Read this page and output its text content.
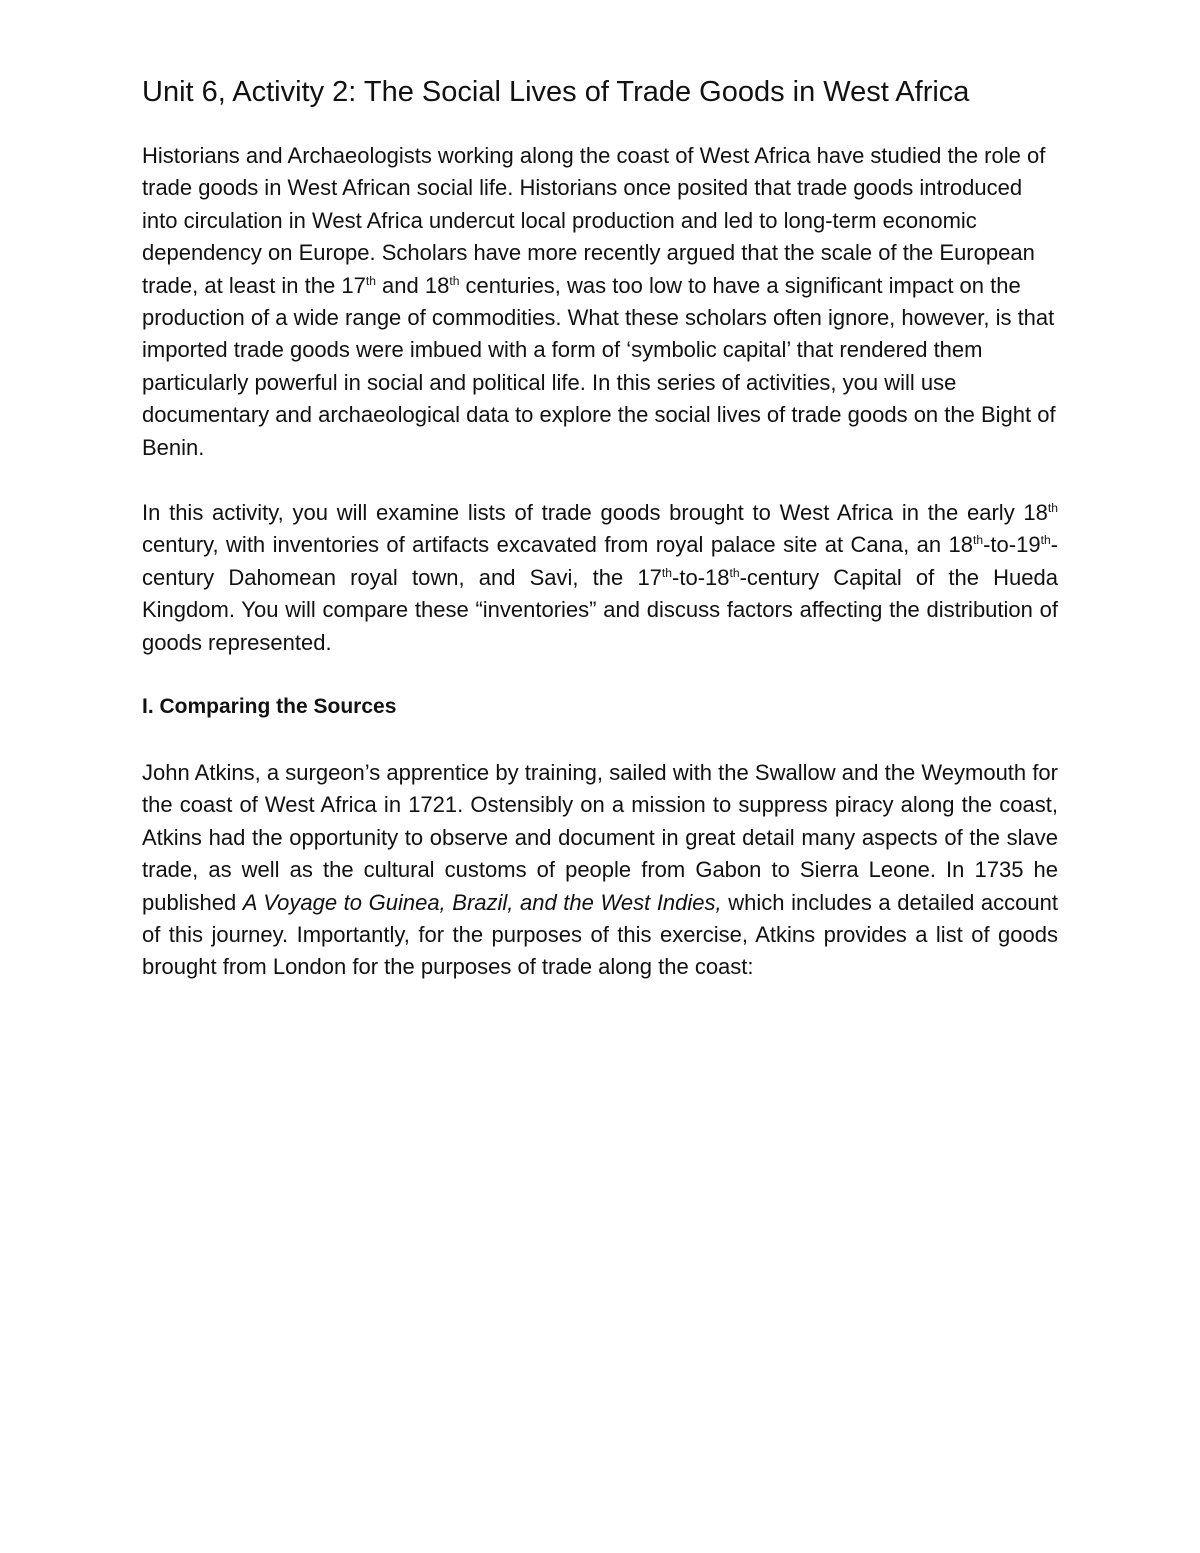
Unit 6, Activity 2: The Social Lives of Trade Goods in West Africa

Historians and Archaeologists working along the coast of West Africa have studied the role of trade goods in West African social life. Historians once posited that trade goods introduced into circulation in West Africa undercut local production and led to long-term economic dependency on Europe. Scholars have more recently argued that the scale of the European trade, at least in the 17th and 18th centuries, was too low to have a significant impact on the production of a wide range of commodities. What these scholars often ignore, however, is that imported trade goods were imbued with a form of ‘symbolic capital’ that rendered them particularly powerful in social and political life. In this series of activities, you will use documentary and archaeological data to explore the social lives of trade goods on the Bight of Benin.

In this activity, you will examine lists of trade goods brought to West Africa in the early 18th century, with inventories of artifacts excavated from royal palace site at Cana, an 18th-to-19th-century Dahomean royal town, and Savi, the 17th-to-18th-century Capital of the Hueda Kingdom. You will compare these “inventories” and discuss factors affecting the distribution of goods represented.

I. Comparing the Sources

John Atkins, a surgeon’s apprentice by training, sailed with the Swallow and the Weymouth for the coast of West Africa in 1721. Ostensibly on a mission to suppress piracy along the coast, Atkins had the opportunity to observe and document in great detail many aspects of the slave trade, as well as the cultural customs of people from Gabon to Sierra Leone. In 1735 he published A Voyage to Guinea, Brazil, and the West Indies, which includes a detailed account of this journey. Importantly, for the purposes of this exercise, Atkins provides a list of goods brought from London for the purposes of trade along the coast:
